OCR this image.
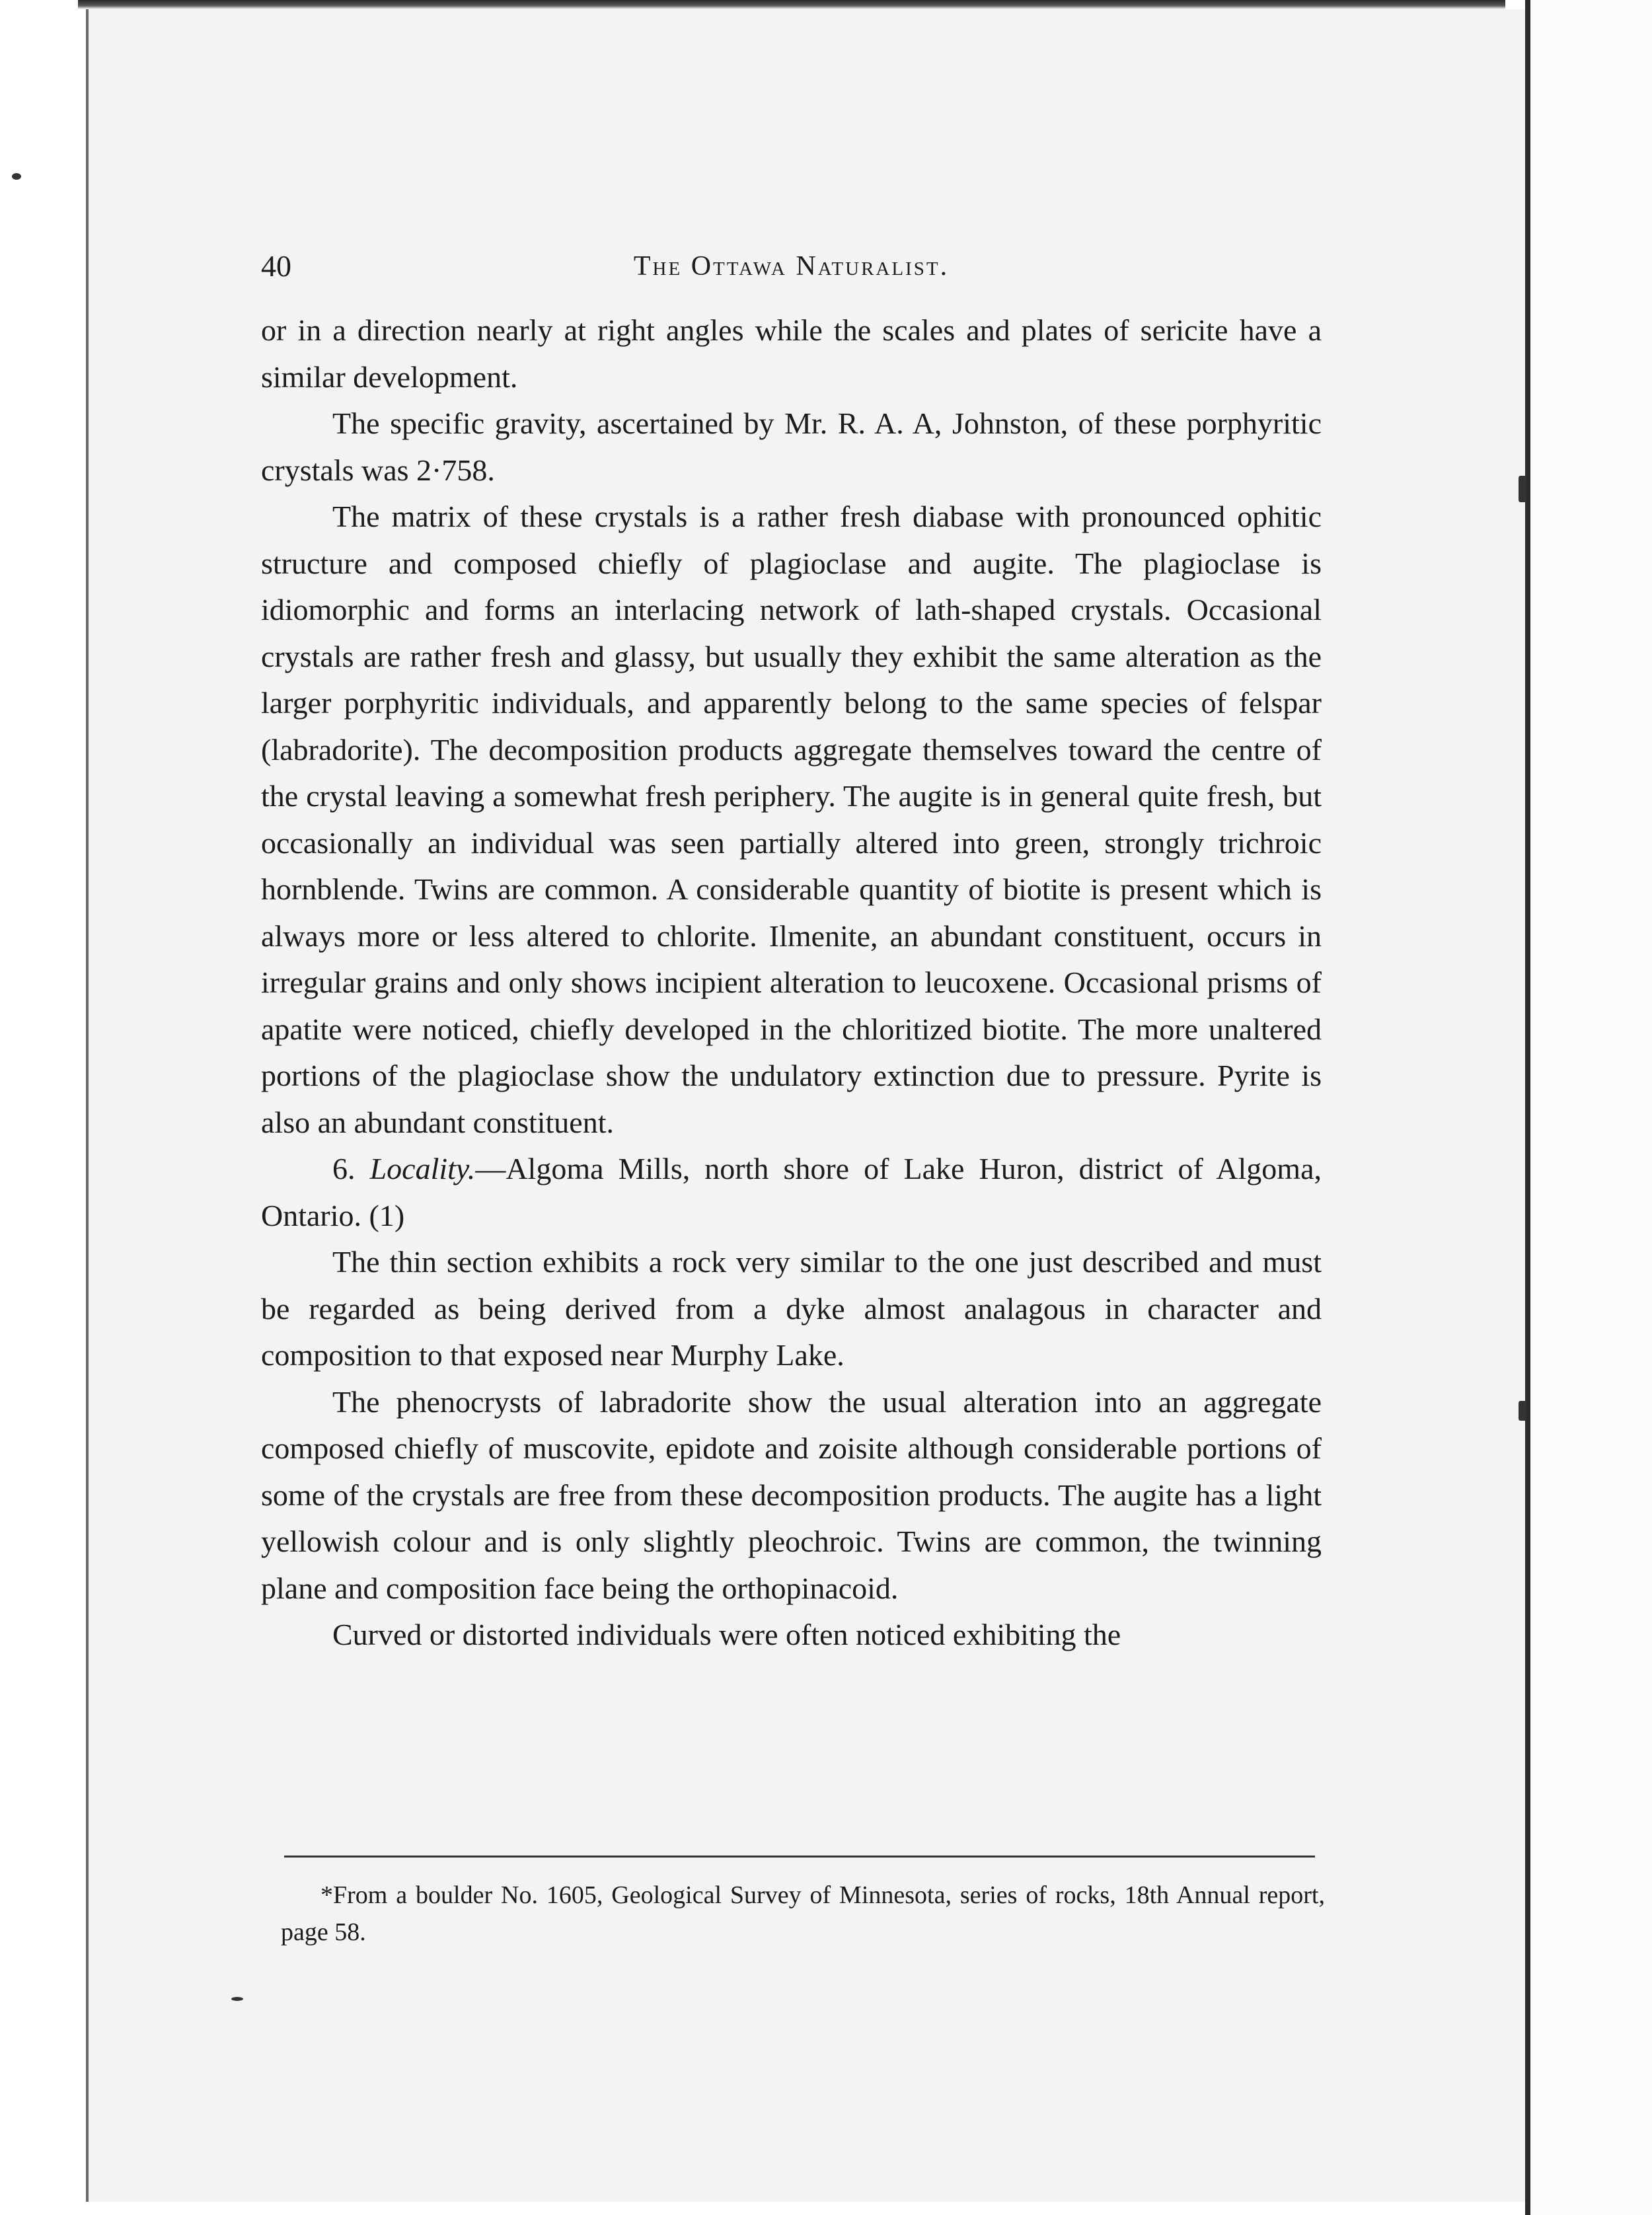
40	The Ottawa Naturalist.

or in a direction nearly at right angles while the scales and plates of sericite have a similar development.

The specific gravity, ascertained by Mr. R. A. A, Johnston, of these porphyritic crystals was 2·758.

The matrix of these crystals is a rather fresh diabase with pronounced ophitic structure and composed chiefly of plagioclase and augite. The plagioclase is idiomorphic and forms an interlacing network of lath-shaped crystals. Occasional crystals are rather fresh and glassy, but usually they exhibit the same alteration as the larger porphyritic individuals, and apparently belong to the same species of felspar (labradorite). The decomposition products aggregate themselves toward the centre of the crystal leaving a somewhat fresh periphery. The augite is in general quite fresh, but occasionally an individual was seen partially altered into green, strongly trichroic hornblende. Twins are common. A considerable quantity of biotite is present which is always more or less altered to chlorite. Ilmenite, an abundant constituent, occurs in irregular grains and only shows incipient alteration to leucoxene. Occasional prisms of apatite were noticed, chiefly developed in the chloritized biotite. The more unaltered portions of the plagioclase show the undulatory extinction due to pressure. Pyrite is also an abundant constituent.

6. Locality.—Algoma Mills, north shore of Lake Huron, district of Algoma, Ontario. (1)

The thin section exhibits a rock very similar to the one just described and must be regarded as being derived from a dyke almost analagous in character and composition to that exposed near Murphy Lake.

The phenocrysts of labradorite show the usual alteration into an aggregate composed chiefly of muscovite, epidote and zoisite although considerable portions of some of the crystals are free from these decomposition products. The augite has a light yellowish colour and is only slightly pleochroic. Twins are common, the twinning plane and composition face being the orthopinacoid.

Curved or distorted individuals were often noticed exhibiting the

*From a boulder No. 1605, Geological Survey of Minnesota, series of rocks, 18th Annual report, page 58.
